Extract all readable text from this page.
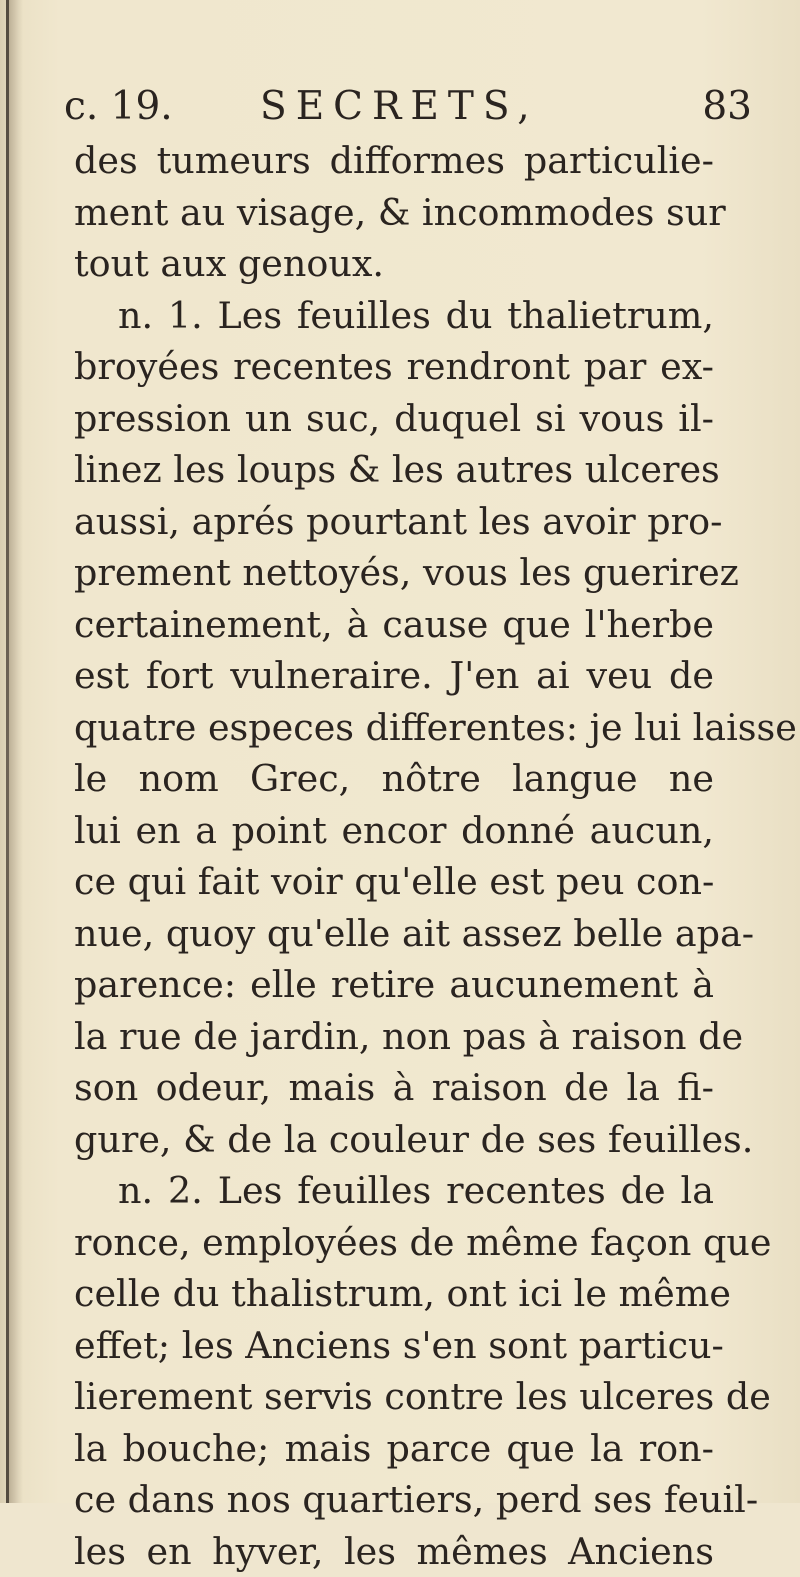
c. 19. SECRETS,	83
des tumeurs difformes particulie-
ment au visage, & incommodes sur
tout aux genoux.
n. 1. Les feuilles du thalietrum,
broyées recentes rendront par ex-
pression un suc, duquel si vous il-
linez les loups & les autres ulceres
aussi, aprés pourtant les avoir pro-
prement nettoyés, vous les guerirez
certainement, à cause que l'herbe
est fort vulneraire. J'en ai veu de
quatre especes differentes: je lui laisse
le nom Grec, nôtre langue ne
lui en a point encor donné aucun,
ce qui fait voir qu'elle est peu con-
nue, quoy qu'elle ait assez belle apa-
parence: elle retire aucunement à
la rue de jardin, non pas à raison de
son odeur, mais à raison de la fi-
gure, & de la couleur de ses feuilles.
n. 2. Les feuilles recentes de la
ronce, employées de même façon que
celle du thalistrum, ont ici le même
effet; les Anciens s'en sont particu-
lierement servis contre les ulceres de
la bouche; mais parce que la ron-
ce dans nos quartiers, perd ses feuil-
les en hyver, les mêmes Anciens
